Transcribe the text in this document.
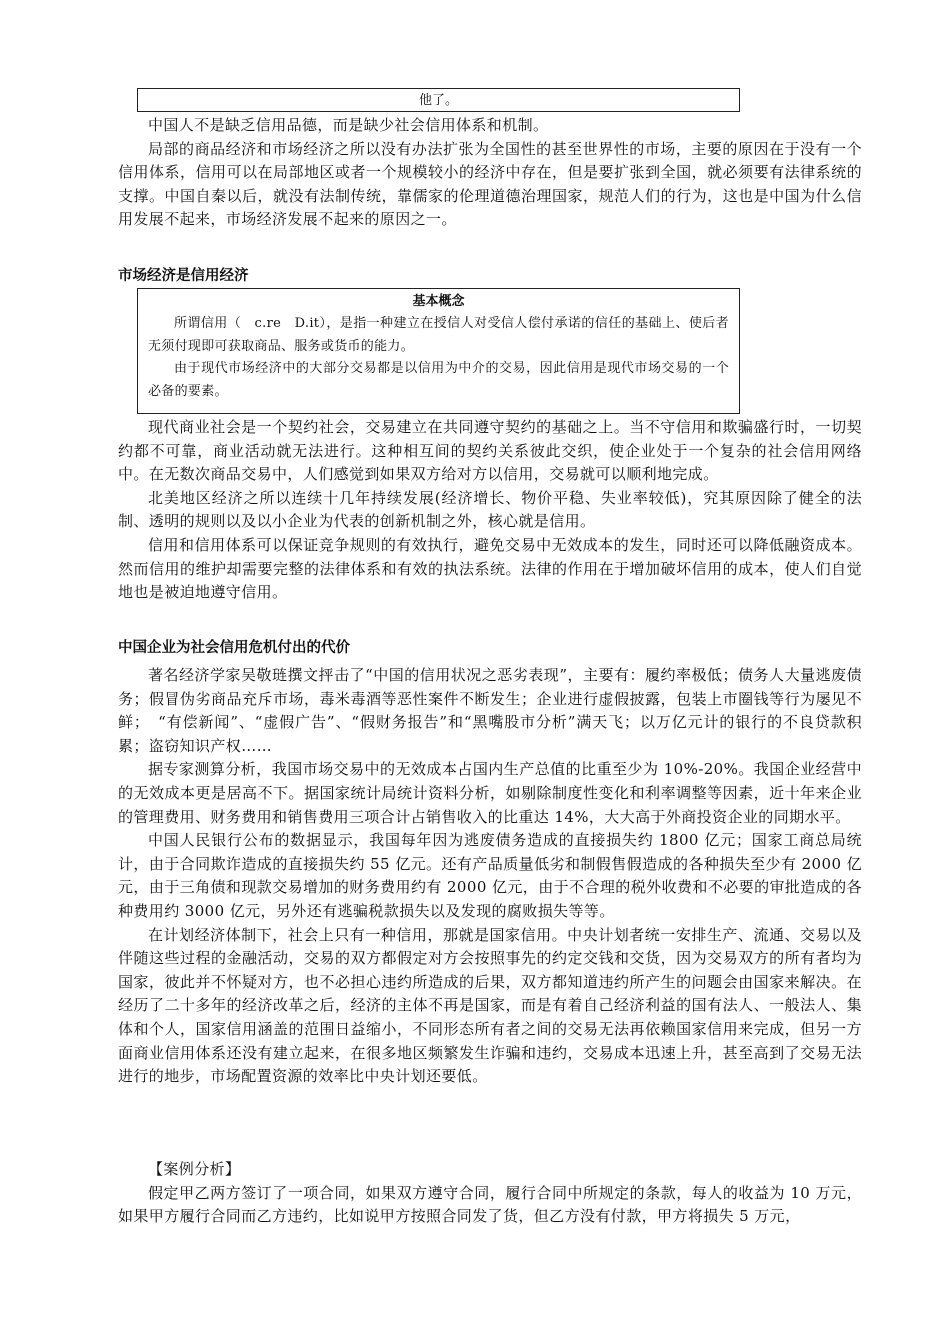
他了。

中国人不是缺乏信用品德，而是缺少社会信用体系和机制。

局部的商品经济和市场经济之所以没有办法扩张为全国性的甚至世界性的市场，主要的原因在于没有一个信用体系，信用可以在局部地区或者一个规模较小的经济中存在，但是要扩张到全国，就必须要有法律系统的支撑。中国自秦以后，就没有法制传统，靠儒家的伦理道德治理国家，规范人们的行为，这也是中国为什么信用发展不起来，市场经济发展不起来的原因之一。

市场经济是信用经济
基本概念

所谓信用（　c.re　D.it），是指一种建立在授信人对受信人偿付承诺的信任的基础上、使后者无须付现即可获取商品、服务或货币的能力。

由于现代市场经济中的大部分交易都是以信用为中介的交易，因此信用是现代市场交易的一个必备的要素。

现代商业社会是一个契约社会，交易建立在共同遵守契约的基础之上。当不守信用和欺骗盛行时，一切契约都不可靠，商业活动就无法进行。这种相互间的契约关系彼此交织，使企业处于一个复杂的社会信用网络中。在无数次商品交易中，人们感觉到如果双方给对方以信用，交易就可以顺利地完成。

北美地区经济之所以连续十几年持续发展(经济增长、物价平稳、失业率较低)，究其原因除了健全的法制、透明的规则以及以小企业为代表的创新机制之外，核心就是信用。

信用和信用体系可以保证竞争规则的有效执行，避免交易中无效成本的发生，同时还可以降低融资成本。然而信用的维护却需要完整的法律体系和有效的执法系统。法律的作用在于增加破坏信用的成本，使人们自觉地也是被迫地遵守信用。

中国企业为社会信用危机付出的代价

著名经济学家吴敬琏撰文抨击了“中国的信用状况之恶劣表现”，主要有：履约率极低；债务人大量逃废债务；假冒伪劣商品充斥市场，毒米毒酒等恶性案件不断发生；企业进行虚假披露，包装上市圈钱等行为屡见不鲜；　“有偿新闻”、“虚假广告”、“假财务报告”和“黑嘴股市分析”满天飞；以万亿元计的银行的不良贷款积累；盗窃知识产权……

据专家测算分析，我国市场交易中的无效成本占国内生产总值的比重至少为 10%-20%。我国企业经营中的无效成本更是居高不下。据国家统计局统计资料分析，如剔除制度性变化和利率调整等因素，近十年来企业的管理费用、财务费用和销售费用三项合计占销售收入的比重达 14%，大大高于外商投资企业的同期水平。

中国人民银行公布的数据显示，我国每年因为逃废债务造成的直接损失约 1800 亿元；国家工商总局统计，由于合同欺诈造成的直接损失约 55 亿元。还有产品质量低劣和制假售假造成的各种损失至少有 2000 亿元，由于三角债和现款交易增加的财务费用约有 2000 亿元，由于不合理的税外收费和不必要的审批造成的各种费用约 3000 亿元，另外还有逃骗税款损失以及发现的腐败损失等等。

在计划经济体制下，社会上只有一种信用，那就是国家信用。中央计划者统一安排生产、流通、交易以及伴随这些过程的金融活动，交易的双方都假定对方会按照事先的约定交钱和交货，因为交易双方的所有者均为国家，彼此并不怀疑对方，也不必担心违约所造成的后果，双方都知道违约所产生的问题会由国家来解决。在经历了二十多年的经济改革之后，经济的主体不再是国家，而是有着自己经济利益的国有法人、一般法人、集体和个人，国家信用涵盖的范围日益缩小，不同形态所有者之间的交易无法再依赖国家信用来完成，但另一方面商业信用体系还没有建立起来，在很多地区频繁发生诈骗和违约，交易成本迅速上升，甚至高到了交易无法进行的地步，市场配置资源的效率比中央计划还要低。

【案例分析】

假定甲乙两方签订了一项合同，如果双方遵守合同，履行合同中所规定的条款，每人的收益为 10 万元，如果甲方履行合同而乙方违约，比如说甲方按照合同发了货，但乙方没有付款，甲方将损失 5 万元，
